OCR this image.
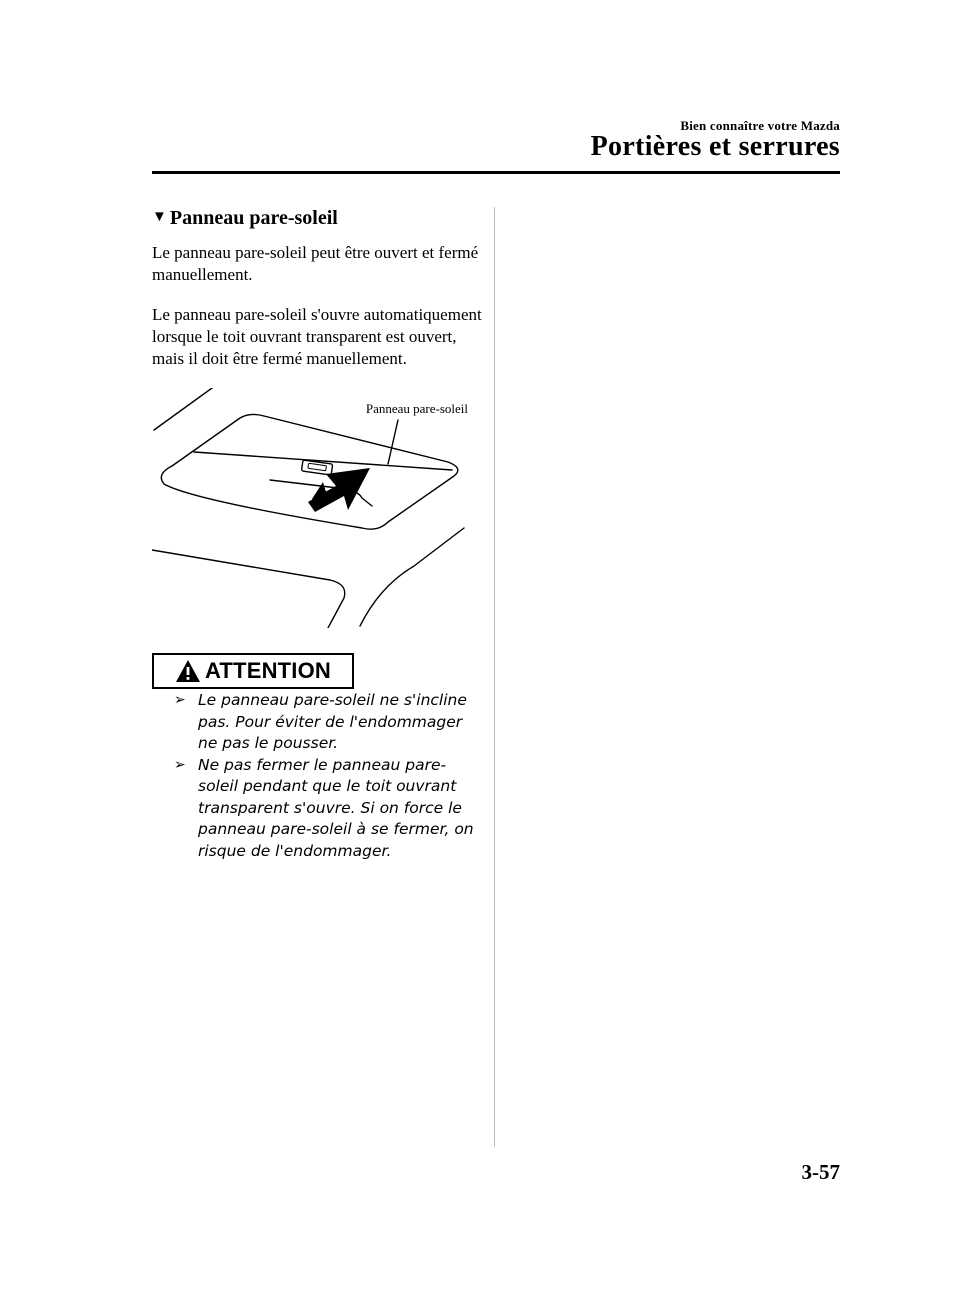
Bien connaître votre Mazda
Portières et serrures
▼ Panneau pare-soleil

Le panneau pare-soleil peut être ouvert et fermé manuellement.

Le panneau pare-soleil s'ouvre automatiquement lorsque le toit ouvrant transparent est ouvert, mais il doit être fermé manuellement.

Panneau pare-soleil
ATTENTION
➢ Le panneau pare-soleil ne s'incline pas. Pour éviter de l'endommager ne pas le pousser.
➢ Ne pas fermer le panneau pare-soleil pendant que le toit ouvrant transparent s'ouvre. Si on force le panneau pare-soleil à se fermer, on risque de l'endommager.
3-57
